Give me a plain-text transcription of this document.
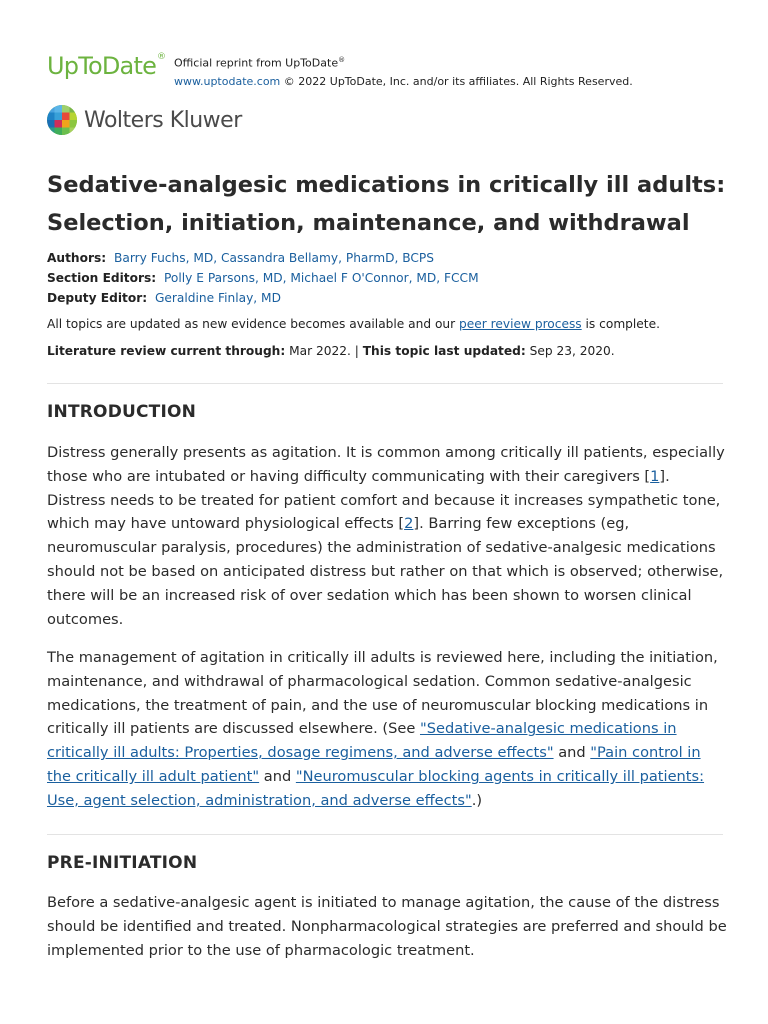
UpToDate® Official reprint from UpToDate®
www.uptodate.com © 2022 UpToDate, Inc. and/or its affiliates. All Rights Reserved.
Wolters Kluwer
Sedative-analgesic medications in critically ill adults: Selection, initiation, maintenance, and withdrawal
Authors: Barry Fuchs, MD, Cassandra Bellamy, PharmD, BCPS
Section Editors: Polly E Parsons, MD, Michael F O'Connor, MD, FCCM
Deputy Editor: Geraldine Finlay, MD
All topics are updated as new evidence becomes available and our peer review process is complete.
Literature review current through: Mar 2022. | This topic last updated: Sep 23, 2020.
INTRODUCTION

Distress generally presents as agitation. It is common among critically ill patients, especially those who are intubated or having difficulty communicating with their caregivers [1]. Distress needs to be treated for patient comfort and because it increases sympathetic tone, which may have untoward physiological effects [2]. Barring few exceptions (eg, neuromuscular paralysis, procedures) the administration of sedative-analgesic medications should not be based on anticipated distress but rather on that which is observed; otherwise, there will be an increased risk of over sedation which has been shown to worsen clinical outcomes.

The management of agitation in critically ill adults is reviewed here, including the initiation, maintenance, and withdrawal of pharmacological sedation. Common sedative-analgesic medications, the treatment of pain, and the use of neuromuscular blocking medications in critically ill patients are discussed elsewhere. (See "Sedative-analgesic medications in critically ill adults: Properties, dosage regimens, and adverse effects" and "Pain control in the critically ill adult patient" and "Neuromuscular blocking agents in critically ill patients: Use, agent selection, administration, and adverse effects".)

PRE-INITIATION

Before a sedative-analgesic agent is initiated to manage agitation, the cause of the distress should be identified and treated. Nonpharmacological strategies are preferred and should be implemented prior to the use of pharmacologic treatment.
